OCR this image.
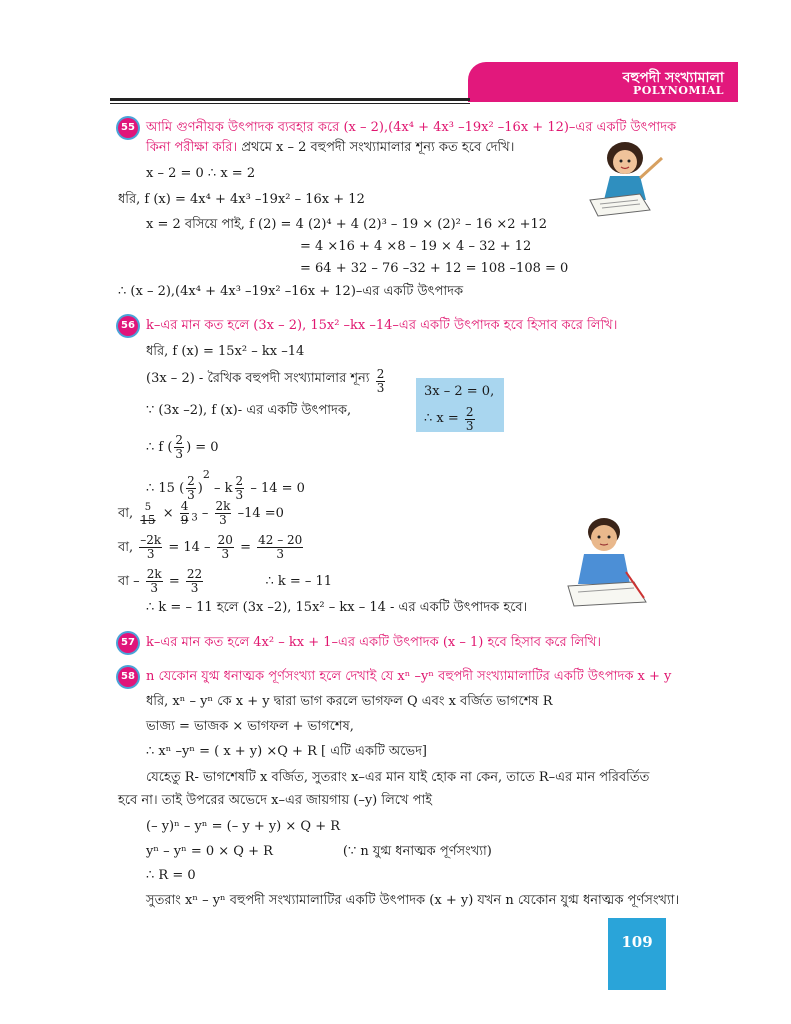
বহুপদী সংখ্যামালা
POLYNOMIAL
55 আমি গুণনীয়ক উৎপাদক ব্যবহার করে (x – 2),(4x⁴ + 4x³ –19x² –16x + 12)–এর একটি উৎপাদক
কিনা পরীক্ষা করি। প্রথমে x – 2 বহুপদী সংখ্যামালার শূন্য কত হবে দেখি।
x – 2 = 0 ∴ x = 2
ধরি, f (x) = 4x⁴ + 4x³ –19x² – 16x + 12
x = 2 বসিয়ে পাই, f (2) = 4 (2)⁴ + 4 (2)³ – 19 × (2)² – 16 ×2 +12
= 4 ×16 + 4 ×8 – 19 × 4 – 32 + 12
= 64 + 32 – 76 –32 + 12 = 108 –108 = 0
∴ (x – 2),(4x⁴ + 4x³ –19x² –16x + 12)–এর একটি উৎপাদক
56 k–এর মান কত হলে (3x – 2), 15x² –kx –14–এর একটি উৎপাদক হবে হিসাব করে লিখি।
ধরি, f (x) = 15x² – kx –14
(3x – 2) - রৈখিক বহুপদী সংখ্যামালার শূন্য $\frac{2}{3}$	3x – 2 = 0,
∴ $x = \frac{2}{3}$
∵ (3x –2), f (x)- এর একটি উৎপাদক,
∴ f ( $\frac{2}{3}$ ) = 0
∴ 15 ( $\frac{2}{3} )^2 - k \frac{2}{3} - 14 = 0$
বা,	5
$15 \times \frac{4}{9} _3 - \frac{2k}{3} -14 =0$
বা, $\frac{-2k}{3} = 14 - \frac{20}{3} = \frac{42 - 20}{3}$
বা – $\frac{2k}{3} = \frac{22}{3}$	∴ k = – 11
∴ k = – 11 হলে (3x –2), 15x² – kx – 14 - এর একটি উৎপাদক হবে।
57 k–এর মান কত হলে 4x² – kx + 1–এর একটি উৎপাদক (x – 1) হবে হিসাব করে লিখি।
58 n যেকোন যুগ্ম ধনাত্মক পূর্ণসংখ্যা হলে দেখাই যে xⁿ –yⁿ বহুপদী সংখ্যামালাটির একটি উৎপাদক x + y
ধরি, xⁿ – yⁿ কে x + y দ্বারা ভাগ করলে ভাগফল Q এবং x বর্জিত ভাগশেষ R
ভাজ্য = ভাজক × ভাগফল + ভাগশেষ,
∴ xⁿ –yⁿ = ( x + y) ×Q + R [ এটি একটি অভেদ]
যেহেতু R- ভাগশেষটি x বর্জিত, সুতরাং x–এর মান যাই হোক না কেন, তাতে R–এর মান পরিবর্তিত
হবে না। তাই উপরের অভেদে x–এর জায়গায় (–y) লিখে পাই
(– y)ⁿ – yⁿ = (– y + y) × Q + R
yⁿ – yⁿ = 0 × Q + R	(∵ n যুগ্ম ধনাত্মক পূর্ণসংখ্যা)
∴ R = 0
সুতরাং xⁿ – yⁿ বহুপদী সংখ্যামালাটির একটি উৎপাদক (x + y) যখন n যেকোন যুগ্ম ধনাত্মক পূর্ণসংখ্যা।
109
